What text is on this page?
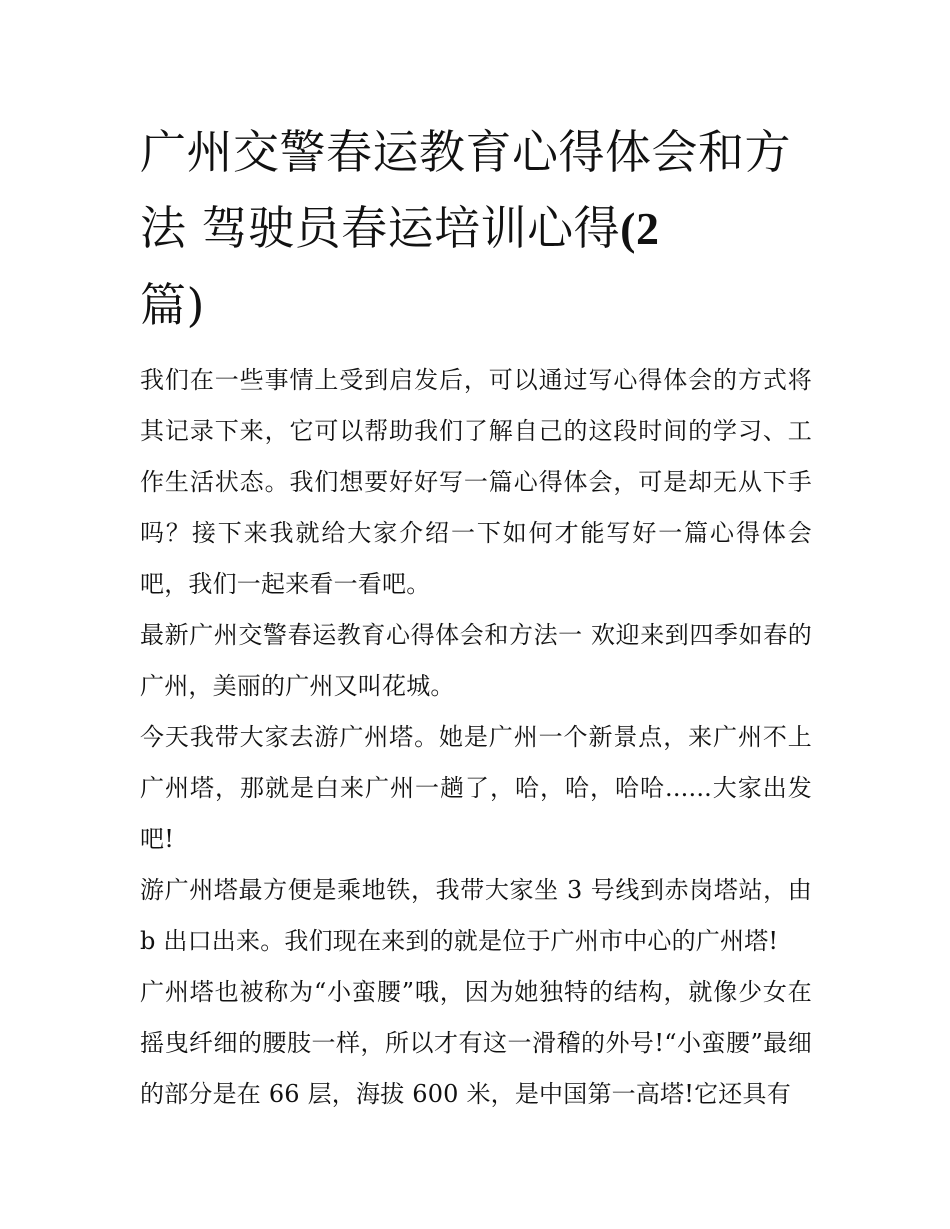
广州交警春运教育心得体会和方法 驾驶员春运培训心得(2
篇)

我们在一些事情上受到启发后，可以通过写心得体会的方式将其记录下来，它可以帮助我们了解自己的这段时间的学习、工作生活状态。我们想要好好写一篇心得体会，可是却无从下手吗？接下来我就给大家介绍一下如何才能写好一篇心得体会吧，我们一起来看一看吧。

最新广州交警春运教育心得体会和方法一 欢迎来到四季如春的广州，美丽的广州又叫花城。

今天我带大家去游广州塔。她是广州一个新景点，来广州不上广州塔，那就是白来广州一趟了，哈，哈，哈哈......大家出发吧!

游广州塔最方便是乘地铁，我带大家坐 3 号线到赤岗塔站，由 b 出口出来。我们现在来到的就是位于广州市中心的广州塔!

广州塔也被称为“小蛮腰”哦，因为她独特的结构，就像少女在摇曳纤细的腰肢一样，所以才有这一滑稽的外号!“小蛮腰”最细的部分是在 66 层，海拔 600 米，是中国第一高塔!它还具有
